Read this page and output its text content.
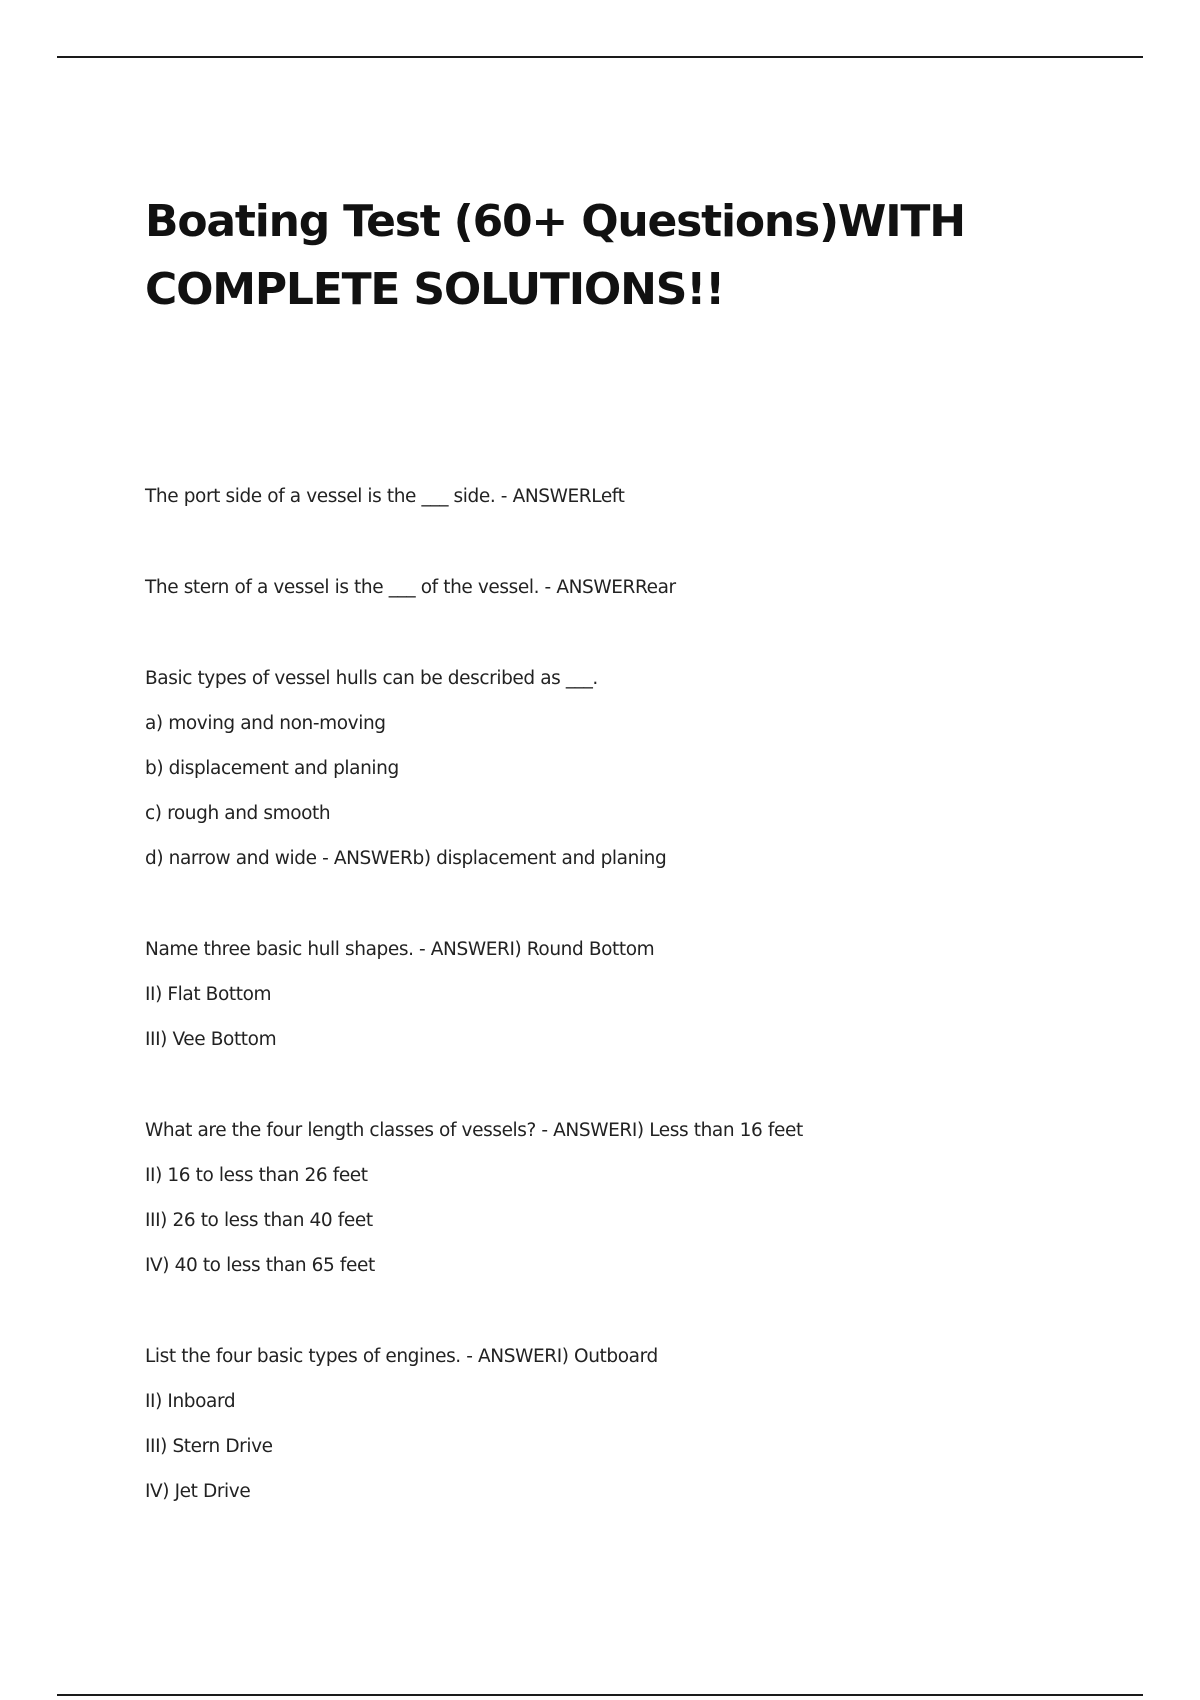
Boating Test (60+ Questions)WITH
COMPLETE SOLUTIONS!!

The port side of a vessel is the ___ side. - ANSWERLeft

The stern of a vessel is the ___ of the vessel. - ANSWERRear

Basic types of vessel hulls can be described as ___.

a) moving and non-moving

b) displacement and planing

c) rough and smooth

d) narrow and wide - ANSWERb) displacement and planing

Name three basic hull shapes. - ANSWERI) Round Bottom

II) Flat Bottom

III) Vee Bottom

What are the four length classes of vessels? - ANSWERI) Less than 16 feet

II) 16 to less than 26 feet

III) 26 to less than 40 feet

IV) 40 to less than 65 feet

List the four basic types of engines. - ANSWERI) Outboard

II) Inboard

III) Stern Drive

IV) Jet Drive
